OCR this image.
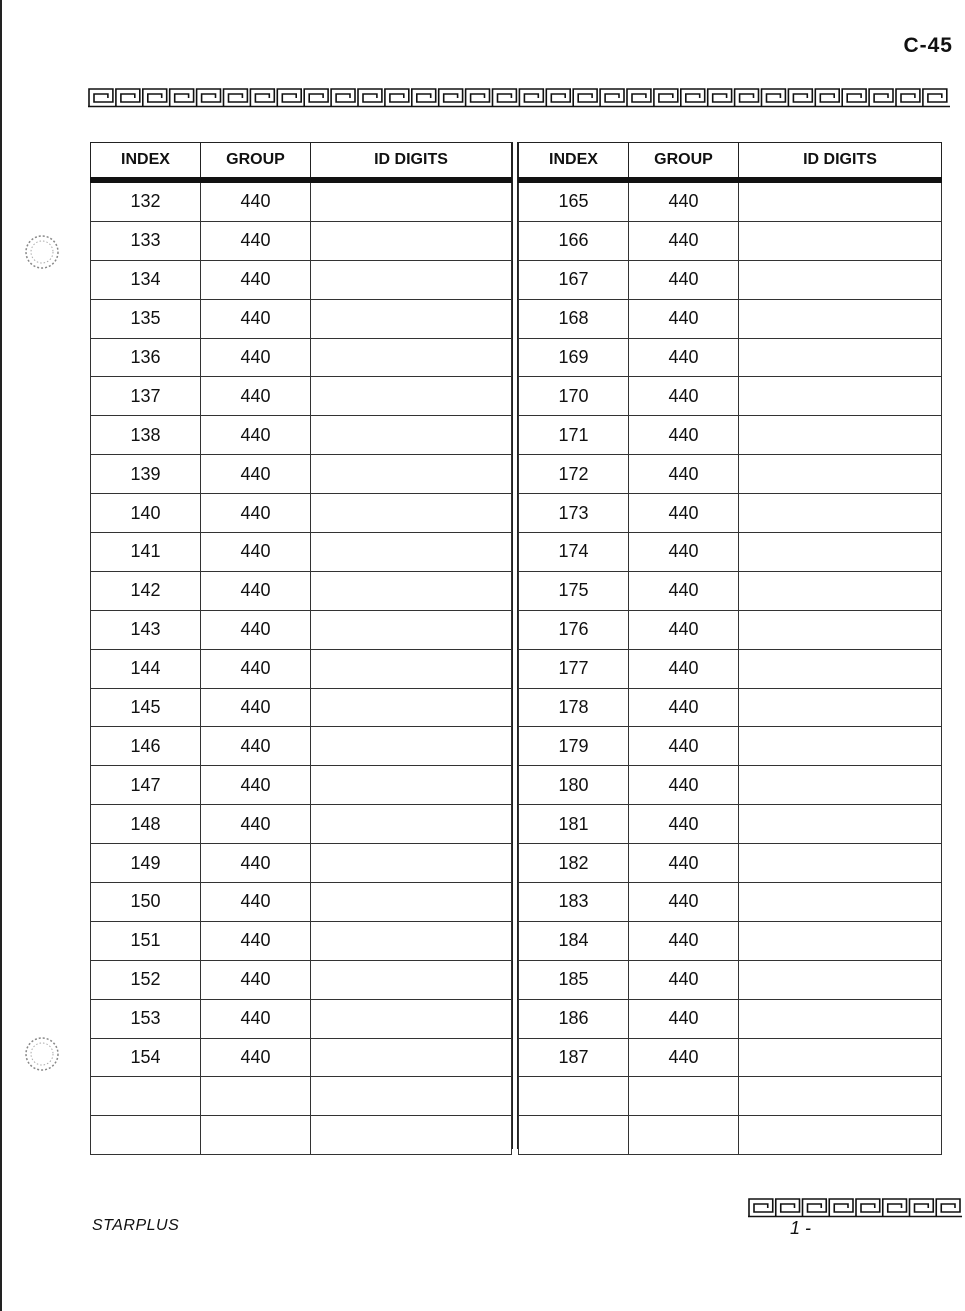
C-45
INDEX	GROUP	ID DIGITS
132	440	
133	440	
134	440	
135	440	
136	440	
137	440	
138	440	
139	440	
140	440	
141	440	
142	440	
143	440	
144	440	
145	440	
146	440	
147	440	
148	440	
149	440	
150	440	
151	440	
152	440	
153	440	
154	440	

INDEX	GROUP	ID DIGITS
165	440	
166	440	
167	440	
168	440	
169	440	
170	440	
171	440	
172	440	
173	440	
174	440	
175	440	
176	440	
177	440	
178	440	
179	440	
180	440	
181	440	
182	440	
183	440	
184	440	
185	440	
186	440	
187	440	

STARPLUS	1 -
